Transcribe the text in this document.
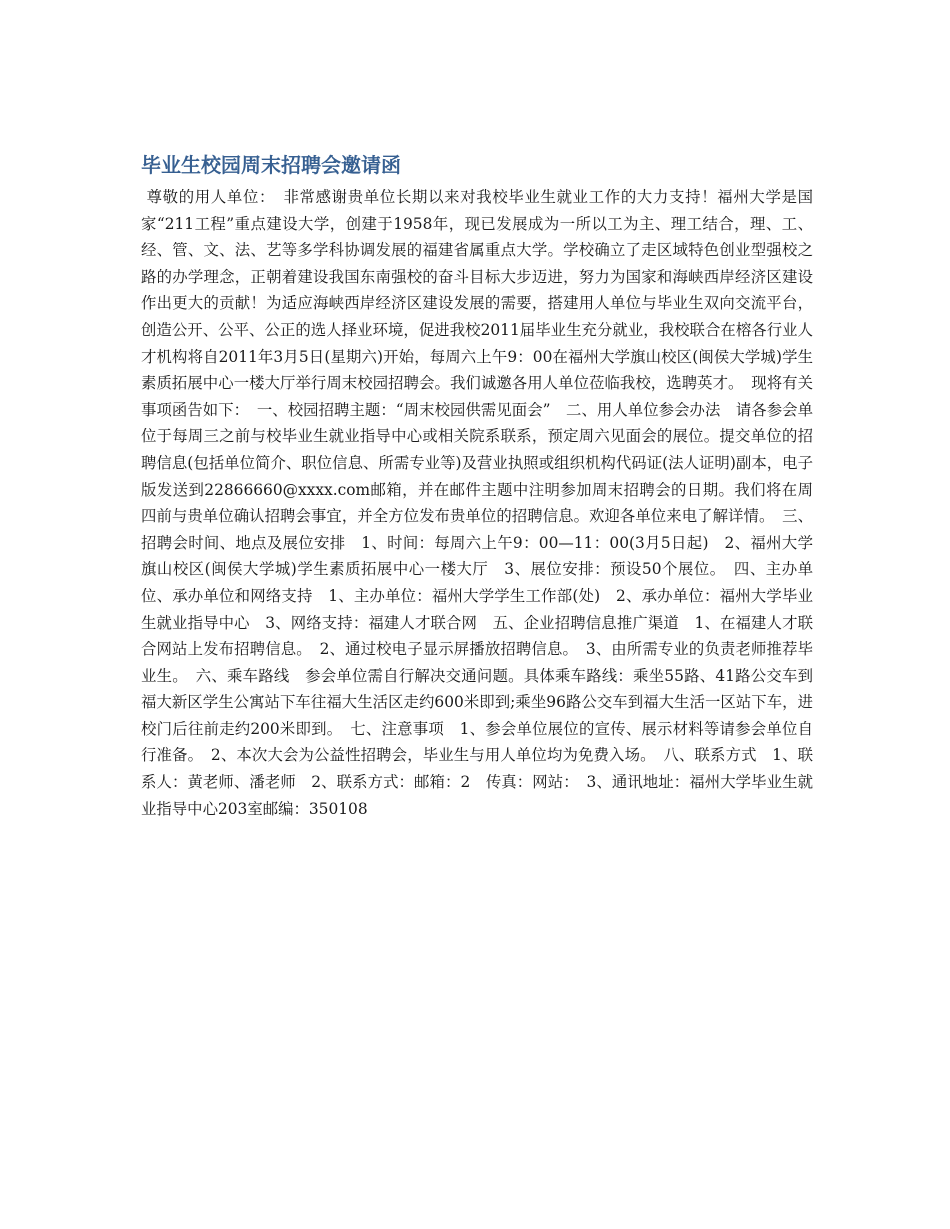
毕业生校园周末招聘会邀请函

尊敬的用人单位：　非常感谢贵单位长期以来对我校毕业生就业工作的大力支持！福州大学是国家“211工程”重点建设大学，创建于1958年，现已发展成为一所以工为主、理工结合，理、工、经、管、文、法、艺等多学科协调发展的福建省属重点大学。学校确立了走区域特色创业型强校之路的办学理念，正朝着建设我国东南强校的奋斗目标大步迈进，努力为国家和海峡西岸经济区建设作出更大的贡献！为适应海峡西岸经济区建设发展的需要，搭建用人单位与毕业生双向交流平台，创造公开、公平、公正的选人择业环境，促进我校2011届毕业生充分就业，我校联合在榕各行业人才机构将自2011年3月5日(星期六)开始，每周六上午9：00在福州大学旗山校区(闽侯大学城)学生素质拓展中心一楼大厅举行周末校园招聘会。我们诚邀各用人单位莅临我校，选聘英才。　现将有关事项函告如下：　一、校园招聘主题：“周末校园供需见面会”　二、用人单位参会办法　请各参会单位于每周三之前与校毕业生就业指导中心或相关院系联系，预定周六见面会的展位。提交单位的招聘信息(包括单位简介、职位信息、所需专业等)及营业执照或组织机构代码证(法人证明)副本，电子版发送到22866660@xxxx.com邮箱，并在邮件主题中注明参加周末招聘会的日期。我们将在周四前与贵单位确认招聘会事宜，并全方位发布贵单位的招聘信息。欢迎各单位来电了解详情。　三、招聘会时间、地点及展位安排　1、时间：每周六上午9：00—11：00(3月5日起)　2、福州大学旗山校区(闽侯大学城)学生素质拓展中心一楼大厅　3、展位安排：预设50个展位。　四、主办单位、承办单位和网络支持　1、主办单位：福州大学学生工作部(处)　2、承办单位：福州大学毕业生就业指导中心　3、网络支持：福建人才联合网　五、企业招聘信息推广渠道　1、在福建人才联合网站上发布招聘信息。　2、通过校电子显示屏播放招聘信息。　3、由所需专业的负责老师推荐毕业生。　六、乘车路线　参会单位需自行解决交通问题。具体乘车路线：乘坐55路、41路公交车到福大新区学生公寓站下车往福大生活区走约600米即到;乘坐96路公交车到福大生活一区站下车，进校门后往前走约200米即到。　七、注意事项　1、参会单位展位的宣传、展示材料等请参会单位自行准备。　2、本次大会为公益性招聘会，毕业生与用人单位均为免费入场。　八、联系方式　1、联系人：黄老师、潘老师　2、联系方式：邮箱：2　传真：网站：　3、通讯地址：福州大学毕业生就业指导中心203室邮编：350108
